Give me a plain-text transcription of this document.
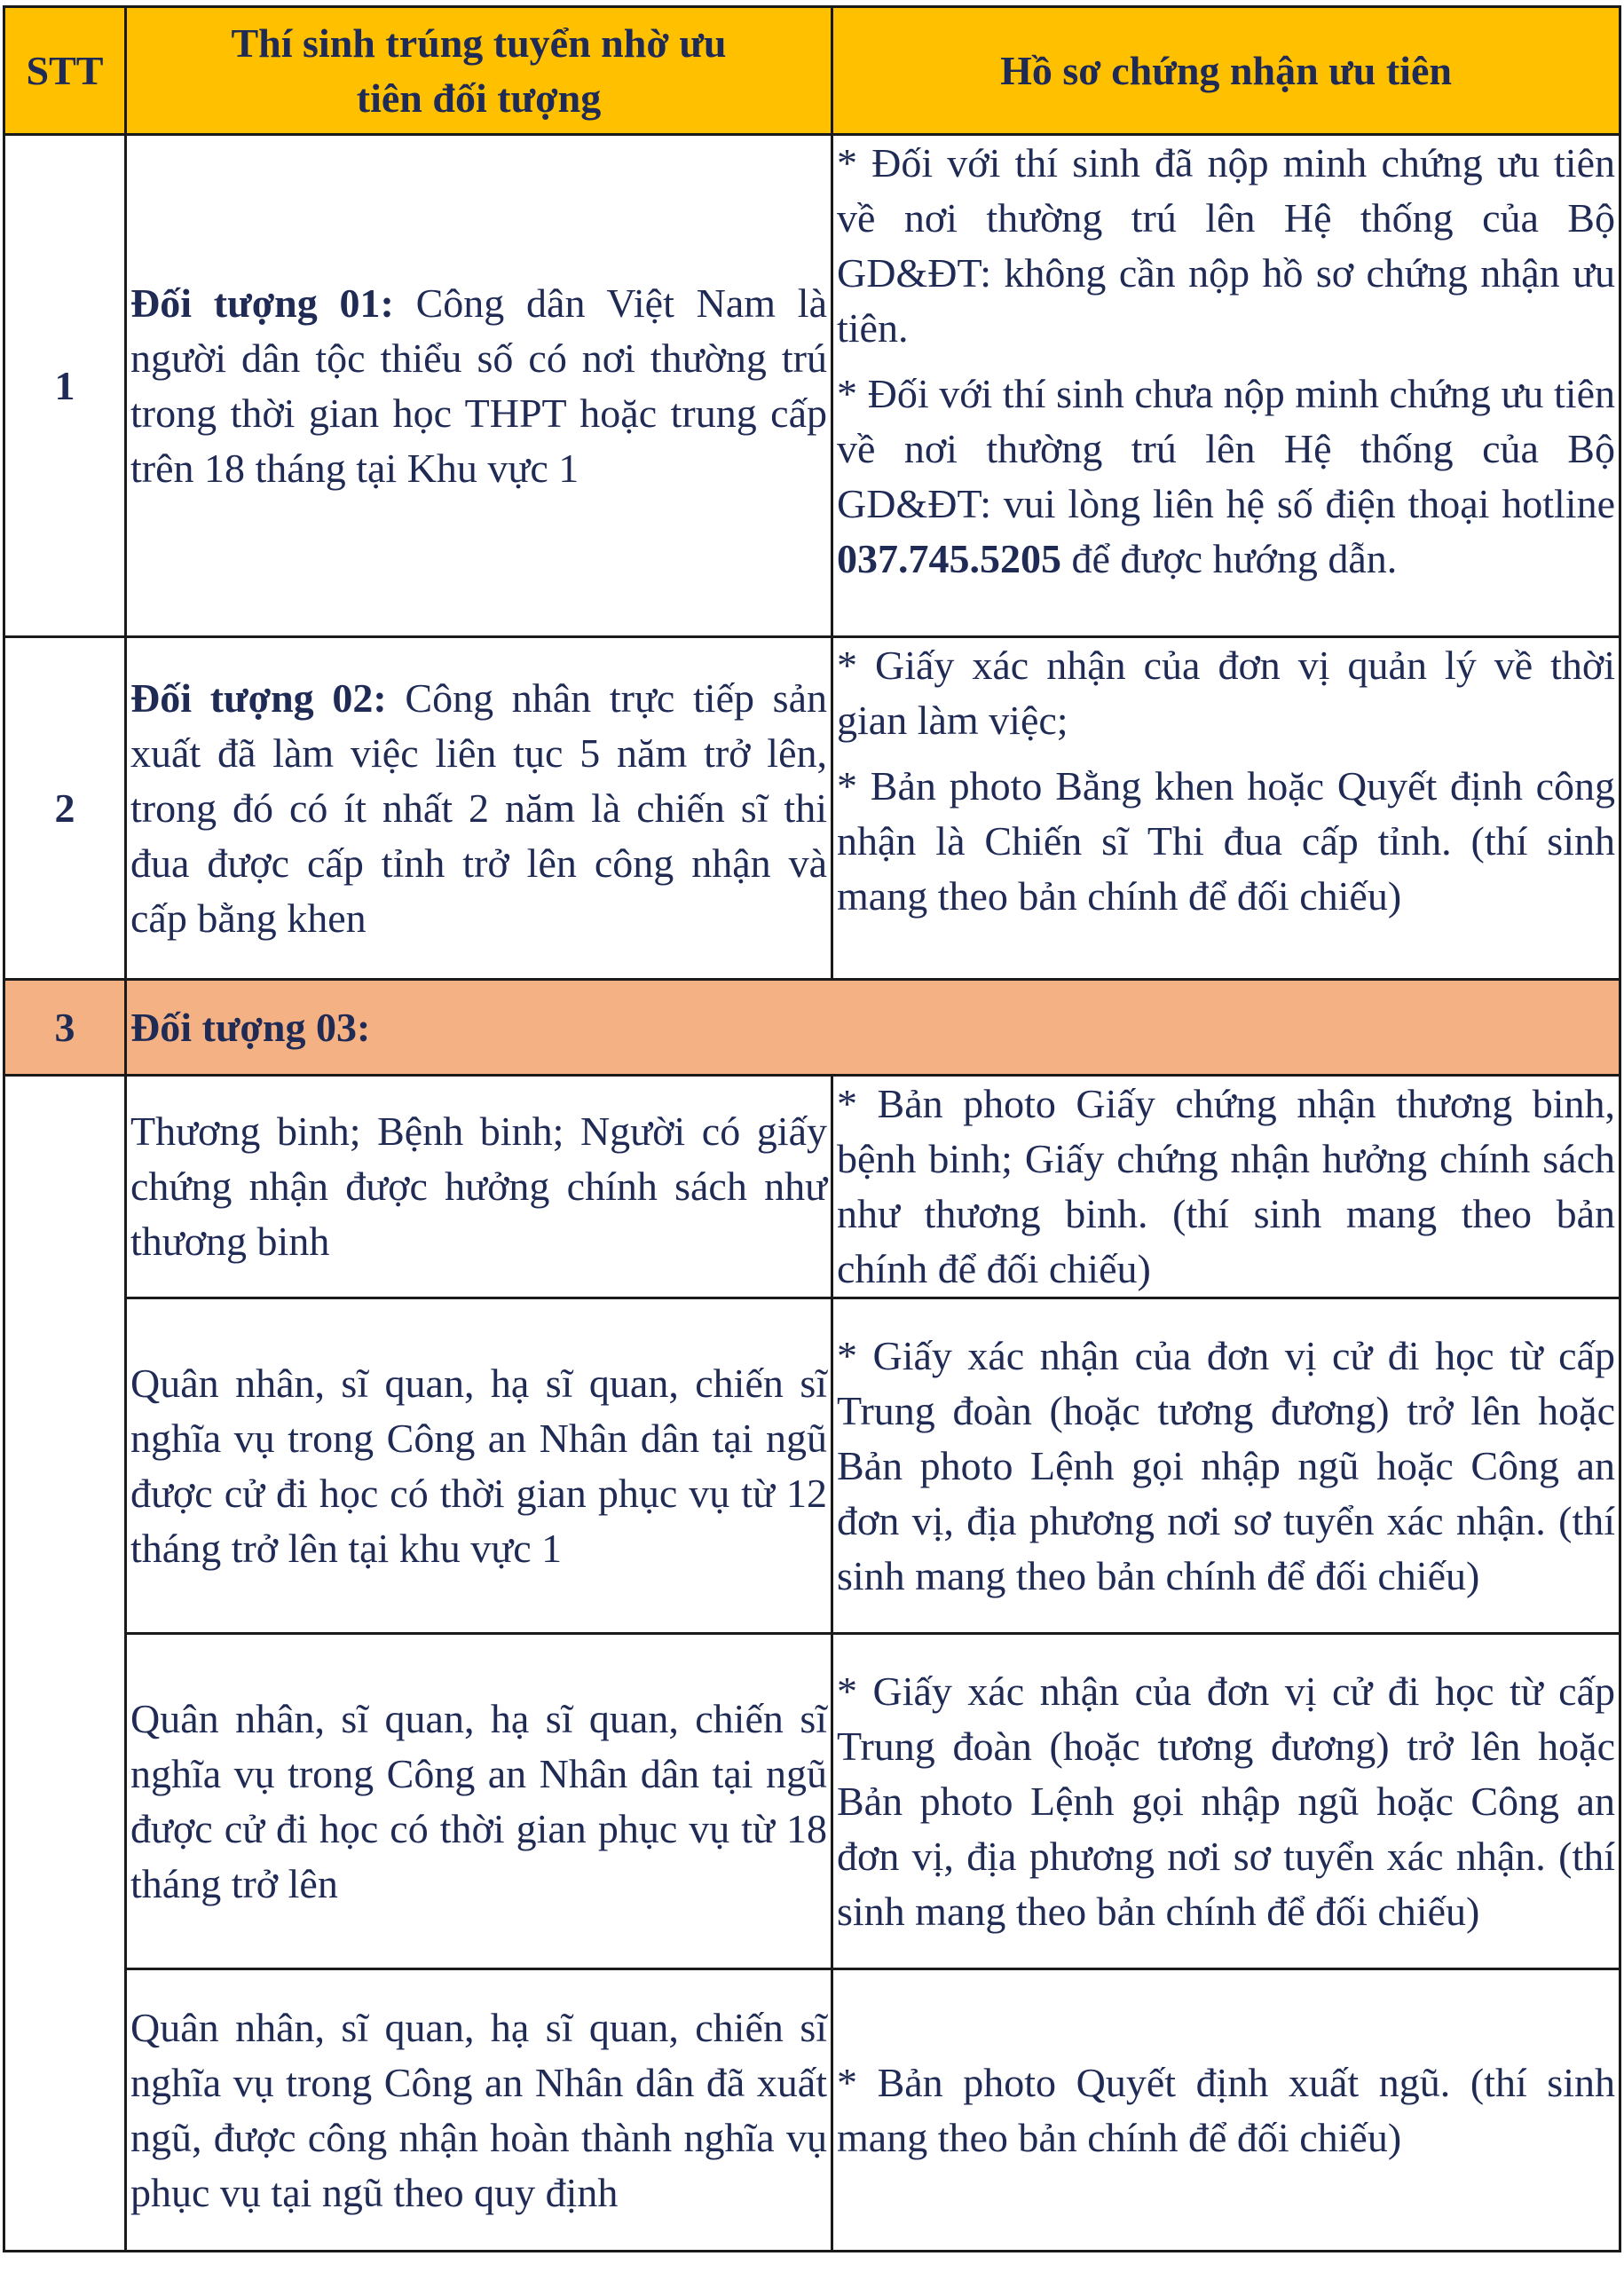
STT	Thí sinh trúng tuyển nhờ ưu tiên đối tượng	Hồ sơ chứng nhận ưu tiên
1	Đối tượng 01: Công dân Việt Nam là người dân tộc thiểu số có nơi thường trú trong thời gian học THPT hoặc trung cấp trên 18 tháng tại Khu vực 1	* Đối với thí sinh đã nộp minh chứng ưu tiên về nơi thường trú lên Hệ thống của Bộ GD&ĐT: không cần nộp hồ sơ chứng nhận ưu tiên.
* Đối với thí sinh chưa nộp minh chứng ưu tiên về nơi thường trú lên Hệ thống của Bộ GD&ĐT: vui lòng liên hệ số điện thoại hotline 037.745.5205 để được hướng dẫn.

2	Đối tượng 02: Công nhân trực tiếp sản xuất đã làm việc liên tục 5 năm trở lên, trong đó có ít nhất 2 năm là chiến sĩ thi đua được cấp tỉnh trở lên công nhận và cấp bằng khen	* Giấy xác nhận của đơn vị quản lý về thời gian làm việc;
* Bản photo Bằng khen hoặc Quyết định công nhận là Chiến sĩ Thi đua cấp tỉnh. (thí sinh mang theo bản chính để đối chiếu)

3	Đối tượng 03:	
	Thương binh; Bệnh binh; Người có giấy chứng nhận được hưởng chính sách như thương binh	* Bản photo Giấy chứng nhận thương binh, bệnh binh; Giấy chứng nhận hưởng chính sách như thương binh. (thí sinh mang theo bản chính để đối chiếu)
	Quân nhân, sĩ quan, hạ sĩ quan, chiến sĩ nghĩa vụ trong Công an Nhân dân tại ngũ được cử đi học có thời gian phục vụ từ 12 tháng trở lên tại khu vực 1	* Giấy xác nhận của đơn vị cử đi học từ cấp Trung đoàn (hoặc tương đương) trở lên hoặc Bản photo Lệnh gọi nhập ngũ hoặc Công an đơn vị, địa phương nơi sơ tuyển xác nhận. (thí sinh mang theo bản chính để đối chiếu)
	Quân nhân, sĩ quan, hạ sĩ quan, chiến sĩ nghĩa vụ trong Công an Nhân dân tại ngũ được cử đi học có thời gian phục vụ từ 18 tháng trở lên	* Giấy xác nhận của đơn vị cử đi học từ cấp Trung đoàn (hoặc tương đương) trở lên hoặc Bản photo Lệnh gọi nhập ngũ hoặc Công an đơn vị, địa phương nơi sơ tuyển xác nhận. (thí sinh mang theo bản chính để đối chiếu)
	Quân nhân, sĩ quan, hạ sĩ quan, chiến sĩ nghĩa vụ trong Công an Nhân dân đã xuất ngũ, được công nhận hoàn thành nghĩa vụ phục vụ tại ngũ theo quy định	* Bản photo Quyết định xuất ngũ. (thí sinh mang theo bản chính để đối chiếu)
